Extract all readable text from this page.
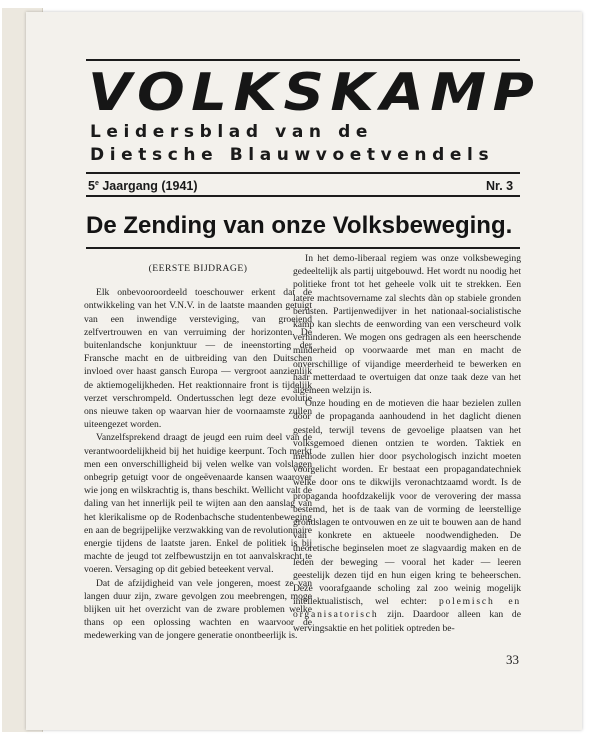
VOLKSKAMP
Leidersblad van de
Dietsche Blauwvoetvendels
5e Jaargang (1941)	Nr. 3
De Zending van onze Volksbeweging.

(EERSTE BIJDRAGE)

Elk onbevooroordeeld toeschouwer erkent dat de ontwikkeling van het V.N.V. in de laatste maanden getuigt van een inwendige versteviging, van groeiend zelfvertrouwen en van verruiming der horizonten. De buitenlandsche konjunktuur — de ineenstorting der Fransche macht en de uitbreiding van den Duitschen invloed over haast gansch Europa — vergroot aanzienlijk de aktiemogelijkheden. Het reaktionnaire front is tijdelijk verzet verschrompeld. Ondertusschen legt deze evolutie ons nieuwe taken op waarvan hier de voornaamste zullen uiteengezet worden.

Vanzelfsprekend draagt de jeugd een ruim deel van de verantwoordelijkheid bij het huidige keerpunt. Toch merkt men een onverschilligheid bij velen welke van volslagen onbegrip getuigt voor de ongeëvenaarde kansen waarover wie jong en wilskrachtig is, thans beschikt. Wellicht valt de daling van het innerlijk peil te wijten aan den aanslag van het klerikalisme op de Rodenbachsche studentenbeweging en aan de begrijpelijke verzwakking van de revolutionnaire energie tijdens de laatste jaren. Enkel de politiek is bij machte de jeugd tot zelfbewustzijn en tot aanvalskracht te voeren. Versaging op dit gebied beteekent verval.

Dat de afzijdigheid van vele jongeren, moest ze van langen duur zijn, zware gevolgen zou meebrengen, moge blijken uit het overzicht van de zware problemen welke thans op een oplossing wachten en waarvoor de medewerking van de jongere generatie onontbeerlijk is.

In het demo-liberaal regiem was onze volksbeweging gedeeltelijk als partij uitgebouwd. Het wordt nu noodig het politieke front tot het geheele volk uit te strekken. Een latere machtsovername zal slechts dàn op stabiele gronden berusten. Partijenwedijver in het nationaal-socialistische kamp kan slechts de eenwording van een verscheurd volk verhinderen. We mogen ons gedragen als een heerschende minderheid op voorwaarde met man en macht de onverschillige of vijandige meerderheid te bewerken en haar metterdaad te overtuigen dat onze taak deze van het algemeen welzijn is.

Onze houding en de motieven die haar bezielen zullen door de propaganda aanhoudend in het daglicht dienen gesteld, terwijl tevens de gevoelige plaatsen van het volksgemoed dienen ontzien te worden. Taktiek en methode zullen hier door psychologisch inzicht moeten voorgelicht worden. Er bestaat een propagandatechniek welke door ons te dikwijls veronachtzaamd wordt. Is de propaganda hoofdzakelijk voor de verovering der massa bestemd, het is de taak van de vorming de leerstellige grondslagen te ontvouwen en ze uit te bouwen aan de hand van konkrete en aktueele noodwendigheden. De theoretische beginselen moet ze slagvaardig maken en de leden der beweging — vooral het kader — leeren geestelijk dezen tijd en hun eigen kring te beheerschen. Deze voorafgaande scholing zal zoo weinig mogelijk intellektualistisch, wel echter: polemisch en organisatorisch zijn. Daardoor alleen kan de wervingsaktie en het politiek optreden be-

33
